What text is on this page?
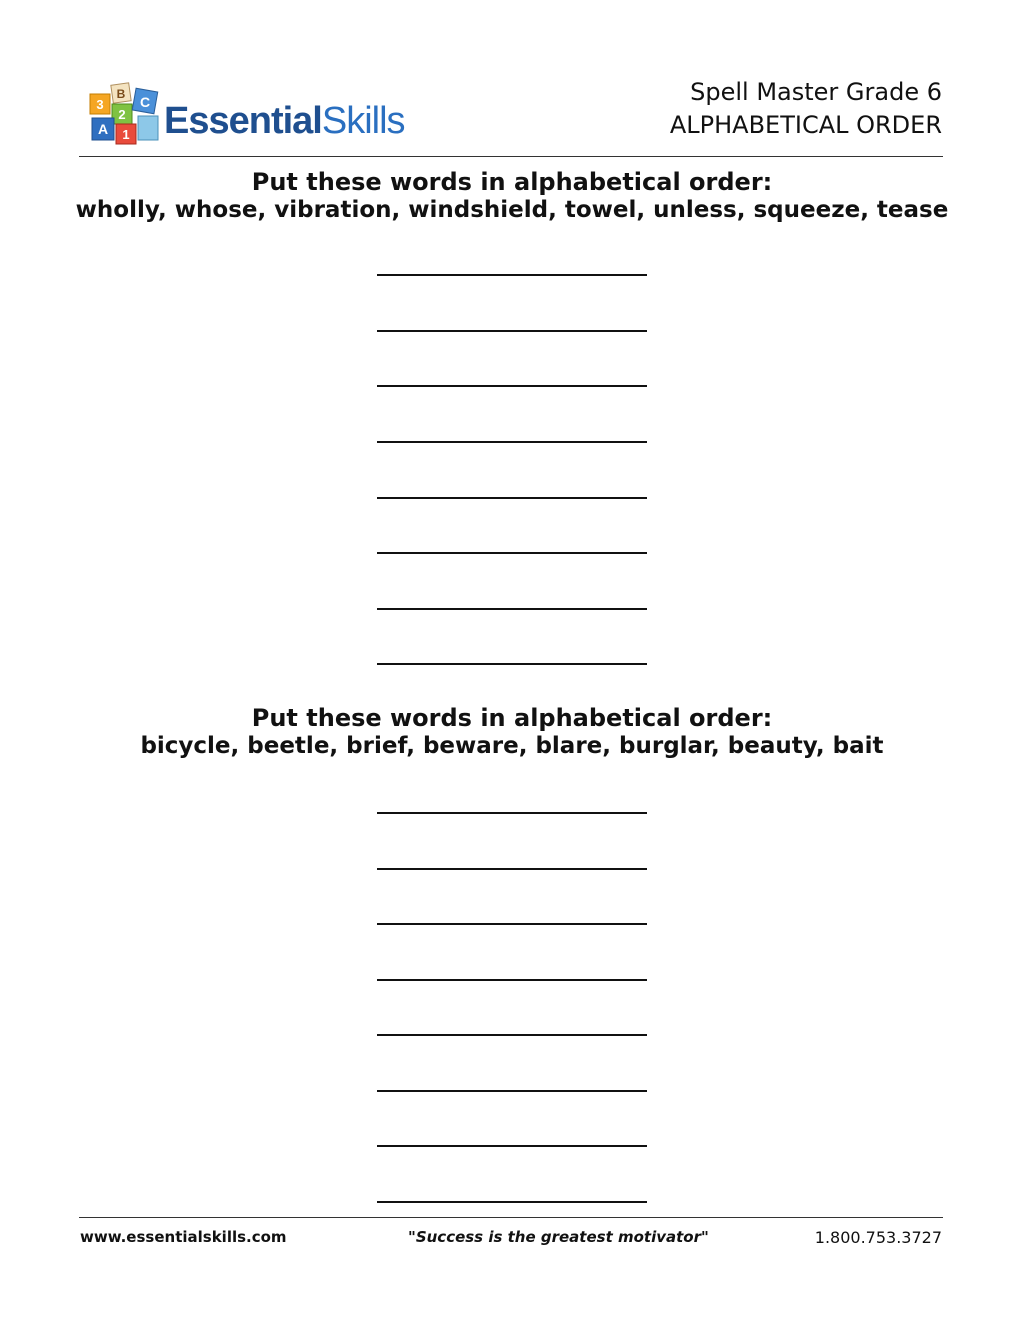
3
B
2
C
A 1 EssentialSkills
Spell Master Grade 6
ALPHABETICAL ORDER
Put these words in alphabetical order:
wholly, whose, vibration, windshield, towel, unless, squeeze, tease
Put these words in alphabetical order:
bicycle, beetle, brief, beware, blare, burglar, beauty, bait
www.essentialskills.com	"Success is the greatest motivator"	1.800.753.3727
